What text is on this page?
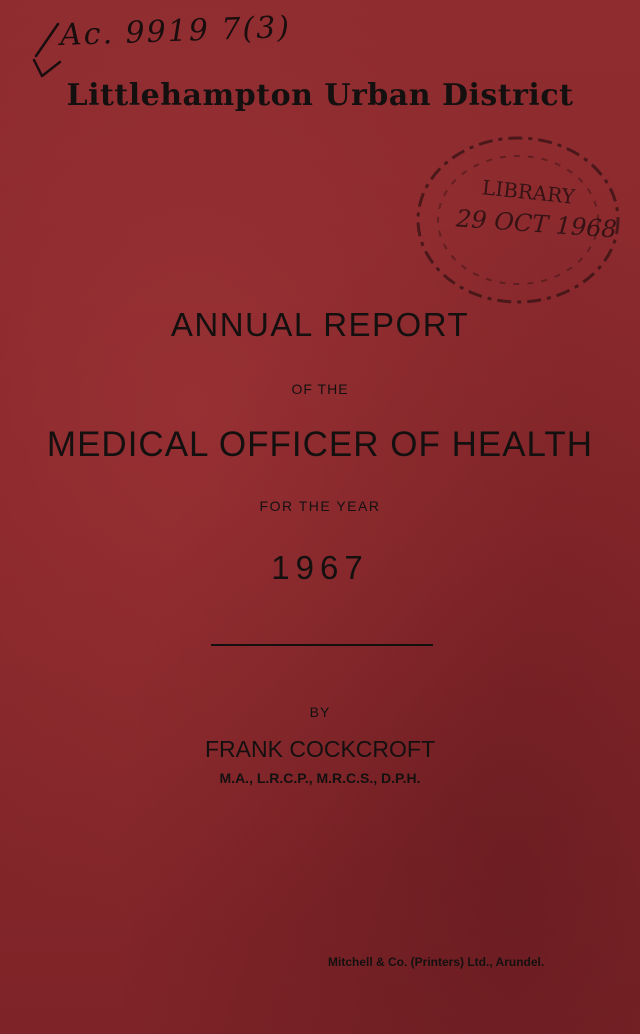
Ac. 9919 7(3)
Littlehampton Urban District
LIBRARY
29 OCT 1968
ANNUAL REPORT
OF THE
MEDICAL OFFICER OF HEALTH
FOR THE YEAR
1967
BY
FRANK COCKCROFT
M.A., L.R.C.P., M.R.C.S., D.P.H.
Mitchell & Co. (Printers) Ltd., Arundel.
